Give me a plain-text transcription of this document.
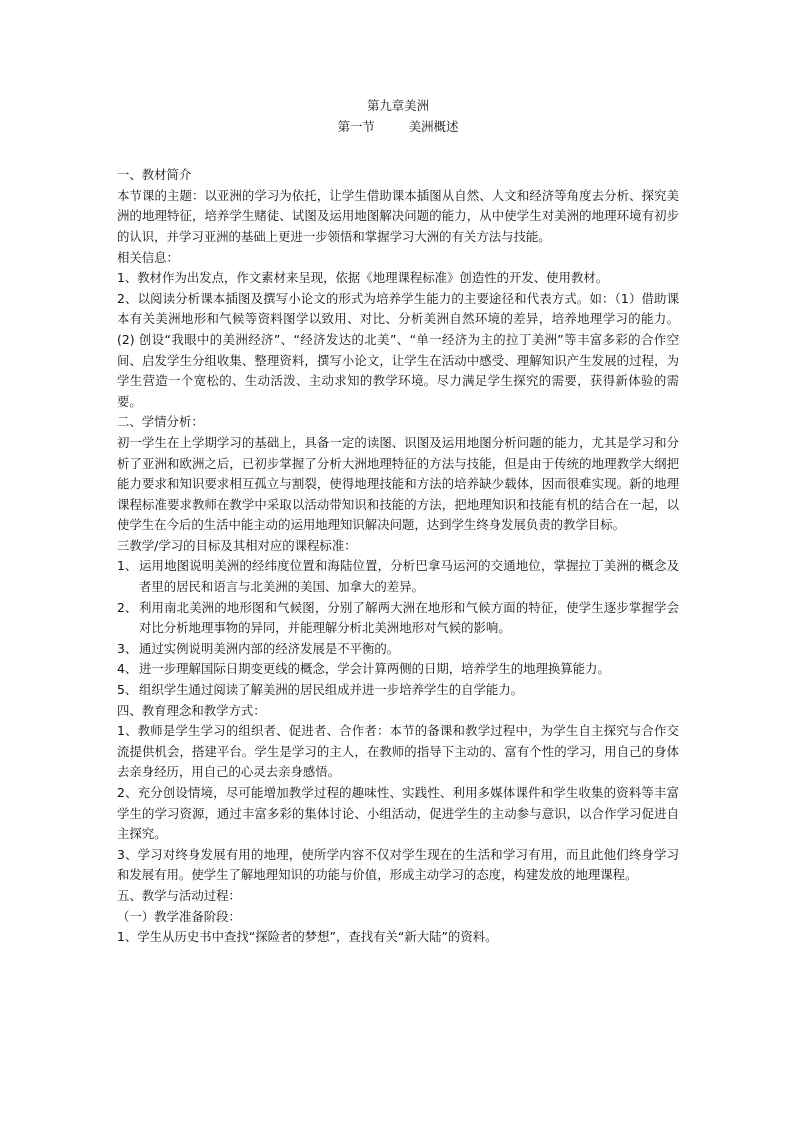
第九章美洲

第一节	美洲概述

一、教材简介

本节课的主题：以亚洲的学习为依托，让学生借助课本插图从自然、人文和经济等角度去分析、探究美洲的地理特征，培养学生赌徒、试图及运用地图解决问题的能力，从中使学生对美洲的地理环境有初步的认识，并学习亚洲的基础上更进一步领悟和掌握学习大洲的有关方法与技能。

相关信息：

1、教材作为出发点，作文素材来呈现，依据《地理课程标准》创造性的开发、使用教材。

2、以阅读分析课本插图及撰写小论文的形式为培养学生能力的主要途径和代表方式。如：（1）借助课本有关美洲地形和气候等资料图学以致用、对比、分析美洲自然环境的差异，培养地理学习的能力。(2) 创设“我眼中的美洲经济”、“经济发达的北美”、“单一经济为主的拉丁美洲”等丰富多彩的合作空间、启发学生分组收集、整理资料，撰写小论文，让学生在活动中感受、理解知识产生发展的过程，为学生营造一个宽松的、生动活泼、主动求知的教学环境。尽力满足学生探究的需要，获得新体验的需要。

二、学情分析：

初一学生在上学期学习的基础上，具备一定的读图、识图及运用地图分析问题的能力，尤其是学习和分析了亚洲和欧洲之后，已初步掌握了分析大洲地理特征的方法与技能，但是由于传统的地理教学大纲把能力要求和知识要求相互孤立与割裂，使得地理技能和方法的培养缺少载体，因而很难实现。新的地理课程标准要求教师在教学中采取以活动带知识和技能的方法，把地理知识和技能有机的结合在一起，以使学生在今后的生活中能主动的运用地理知识解决问题，达到学生终身发展负责的教学目标。

三教学/学习的目标及其相对应的课程标准：

1、 运用地图说明美洲的经纬度位置和海陆位置，分析巴拿马运河的交通地位，掌握拉丁美洲的概念及者里的居民和语言与北美洲的美国、加拿大的差异。
2、 利用南北美洲的地形图和气候图，分别了解两大洲在地形和气候方面的特征，使学生逐步掌握学会对比分析地理事物的异同，并能理解分析北美洲地形对气候的影响。
3、 通过实例说明美洲内部的经济发展是不平衡的。
4、 进一步理解国际日期变更线的概念，学会计算两侧的日期，培养学生的地理换算能力。
5、 组织学生通过阅读了解美洲的居民组成并进一步培养学生的自学能力。

四、教育理念和教学方式：

1、教师是学生学习的组织者、促进者、合作者：本节的备课和教学过程中，为学生自主探究与合作交流提供机会，搭建平台。学生是学习的主人，在教师的指导下主动的、富有个性的学习，用自己的身体去亲身经历，用自己的心灵去亲身感悟。

2、充分创设情境，尽可能增加教学过程的趣味性、实践性、利用多媒体课件和学生收集的资料等丰富学生的学习资源，通过丰富多彩的集体讨论、小组活动，促进学生的主动参与意识，以合作学习促进自主探究。

3、学习对终身发展有用的地理，使所学内容不仅对学生现在的生活和学习有用，而且此他们终身学习和发展有用。使学生了解地理知识的功能与价值，形成主动学习的态度，构建发放的地理课程。

五、教学与活动过程：

（一）教学准备阶段：

1、学生从历史书中查找“探险者的梦想”，查找有关“新大陆”的资料。
